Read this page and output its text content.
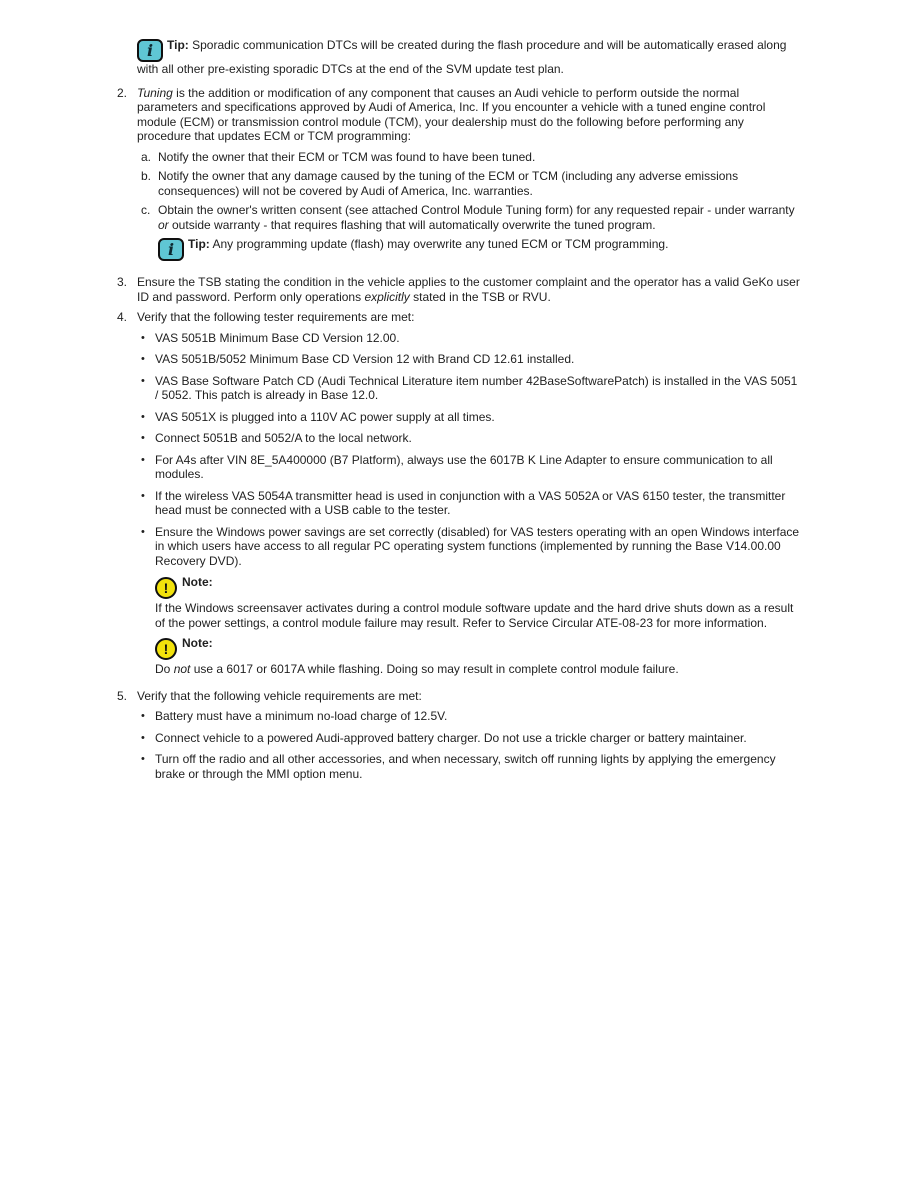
i Tip: Sporadic communication DTCs will be created during the flash procedure and will be automatically erased along with all other pre-existing sporadic DTCs at the end of the SVM update test plan.
2. Tuning is the addition or modification of any component that causes an Audi vehicle to perform outside the normal parameters and specifications approved by Audi of America, Inc. If you encounter a vehicle with a tuned engine control module (ECM) or transmission control module (TCM), your dealership must do the following before performing any procedure that updates ECM or TCM programming:
a. Notify the owner that their ECM or TCM was found to have been tuned.
b. Notify the owner that any damage caused by the tuning of the ECM or TCM (including any adverse emissions consequences) will not be covered by Audi of America, Inc. warranties.
c. Obtain the owner's written consent (see attached Control Module Tuning form) for any requested repair - under warranty or outside warranty - that requires flashing that will automatically overwrite the tuned program.
i Tip: Any programming update (flash) may overwrite any tuned ECM or TCM programming.
3. Ensure the TSB stating the condition in the vehicle applies to the customer complaint and the operator has a valid GeKo user ID and password. Perform only operations explicitly stated in the TSB or RVU.
4. Verify that the following tester requirements are met:
• VAS 5051B Minimum Base CD Version 12.00.
• VAS 5051B/5052 Minimum Base CD Version 12 with Brand CD 12.61 installed.
• VAS Base Software Patch CD (Audi Technical Literature item number 42BaseSoftwarePatch) is installed in the VAS 5051 / 5052. This patch is already in Base 12.0.
• VAS 5051X is plugged into a 110V AC power supply at all times.
• Connect 5051B and 5052/A to the local network.
• For A4s after VIN 8E_5A400000 (B7 Platform), always use the 6017B K Line Adapter to ensure communication to all modules.
• If the wireless VAS 5054A transmitter head is used in conjunction with a VAS 5052A or VAS 6150 tester, the transmitter head must be connected with a USB cable to the tester.
• Ensure the Windows power savings are set correctly (disabled) for VAS testers operating with an open Windows interface in which users have access to all regular PC operating system functions (implemented by running the Base V14.00.00 Recovery DVD).
! Note:
If the Windows screensaver activates during a control module software update and the hard drive shuts down as a result of the power settings, a control module failure may result. Refer to Service Circular ATE-08-23 for more information.
! Note:
Do not use a 6017 or 6017A while flashing. Doing so may result in complete control module failure.
5. Verify that the following vehicle requirements are met:
• Battery must have a minimum no-load charge of 12.5V.
• Connect vehicle to a powered Audi-approved battery charger. Do not use a trickle charger or battery maintainer.
• Turn off the radio and all other accessories, and when necessary, switch off running lights by applying the emergency brake or through the MMI option menu.
